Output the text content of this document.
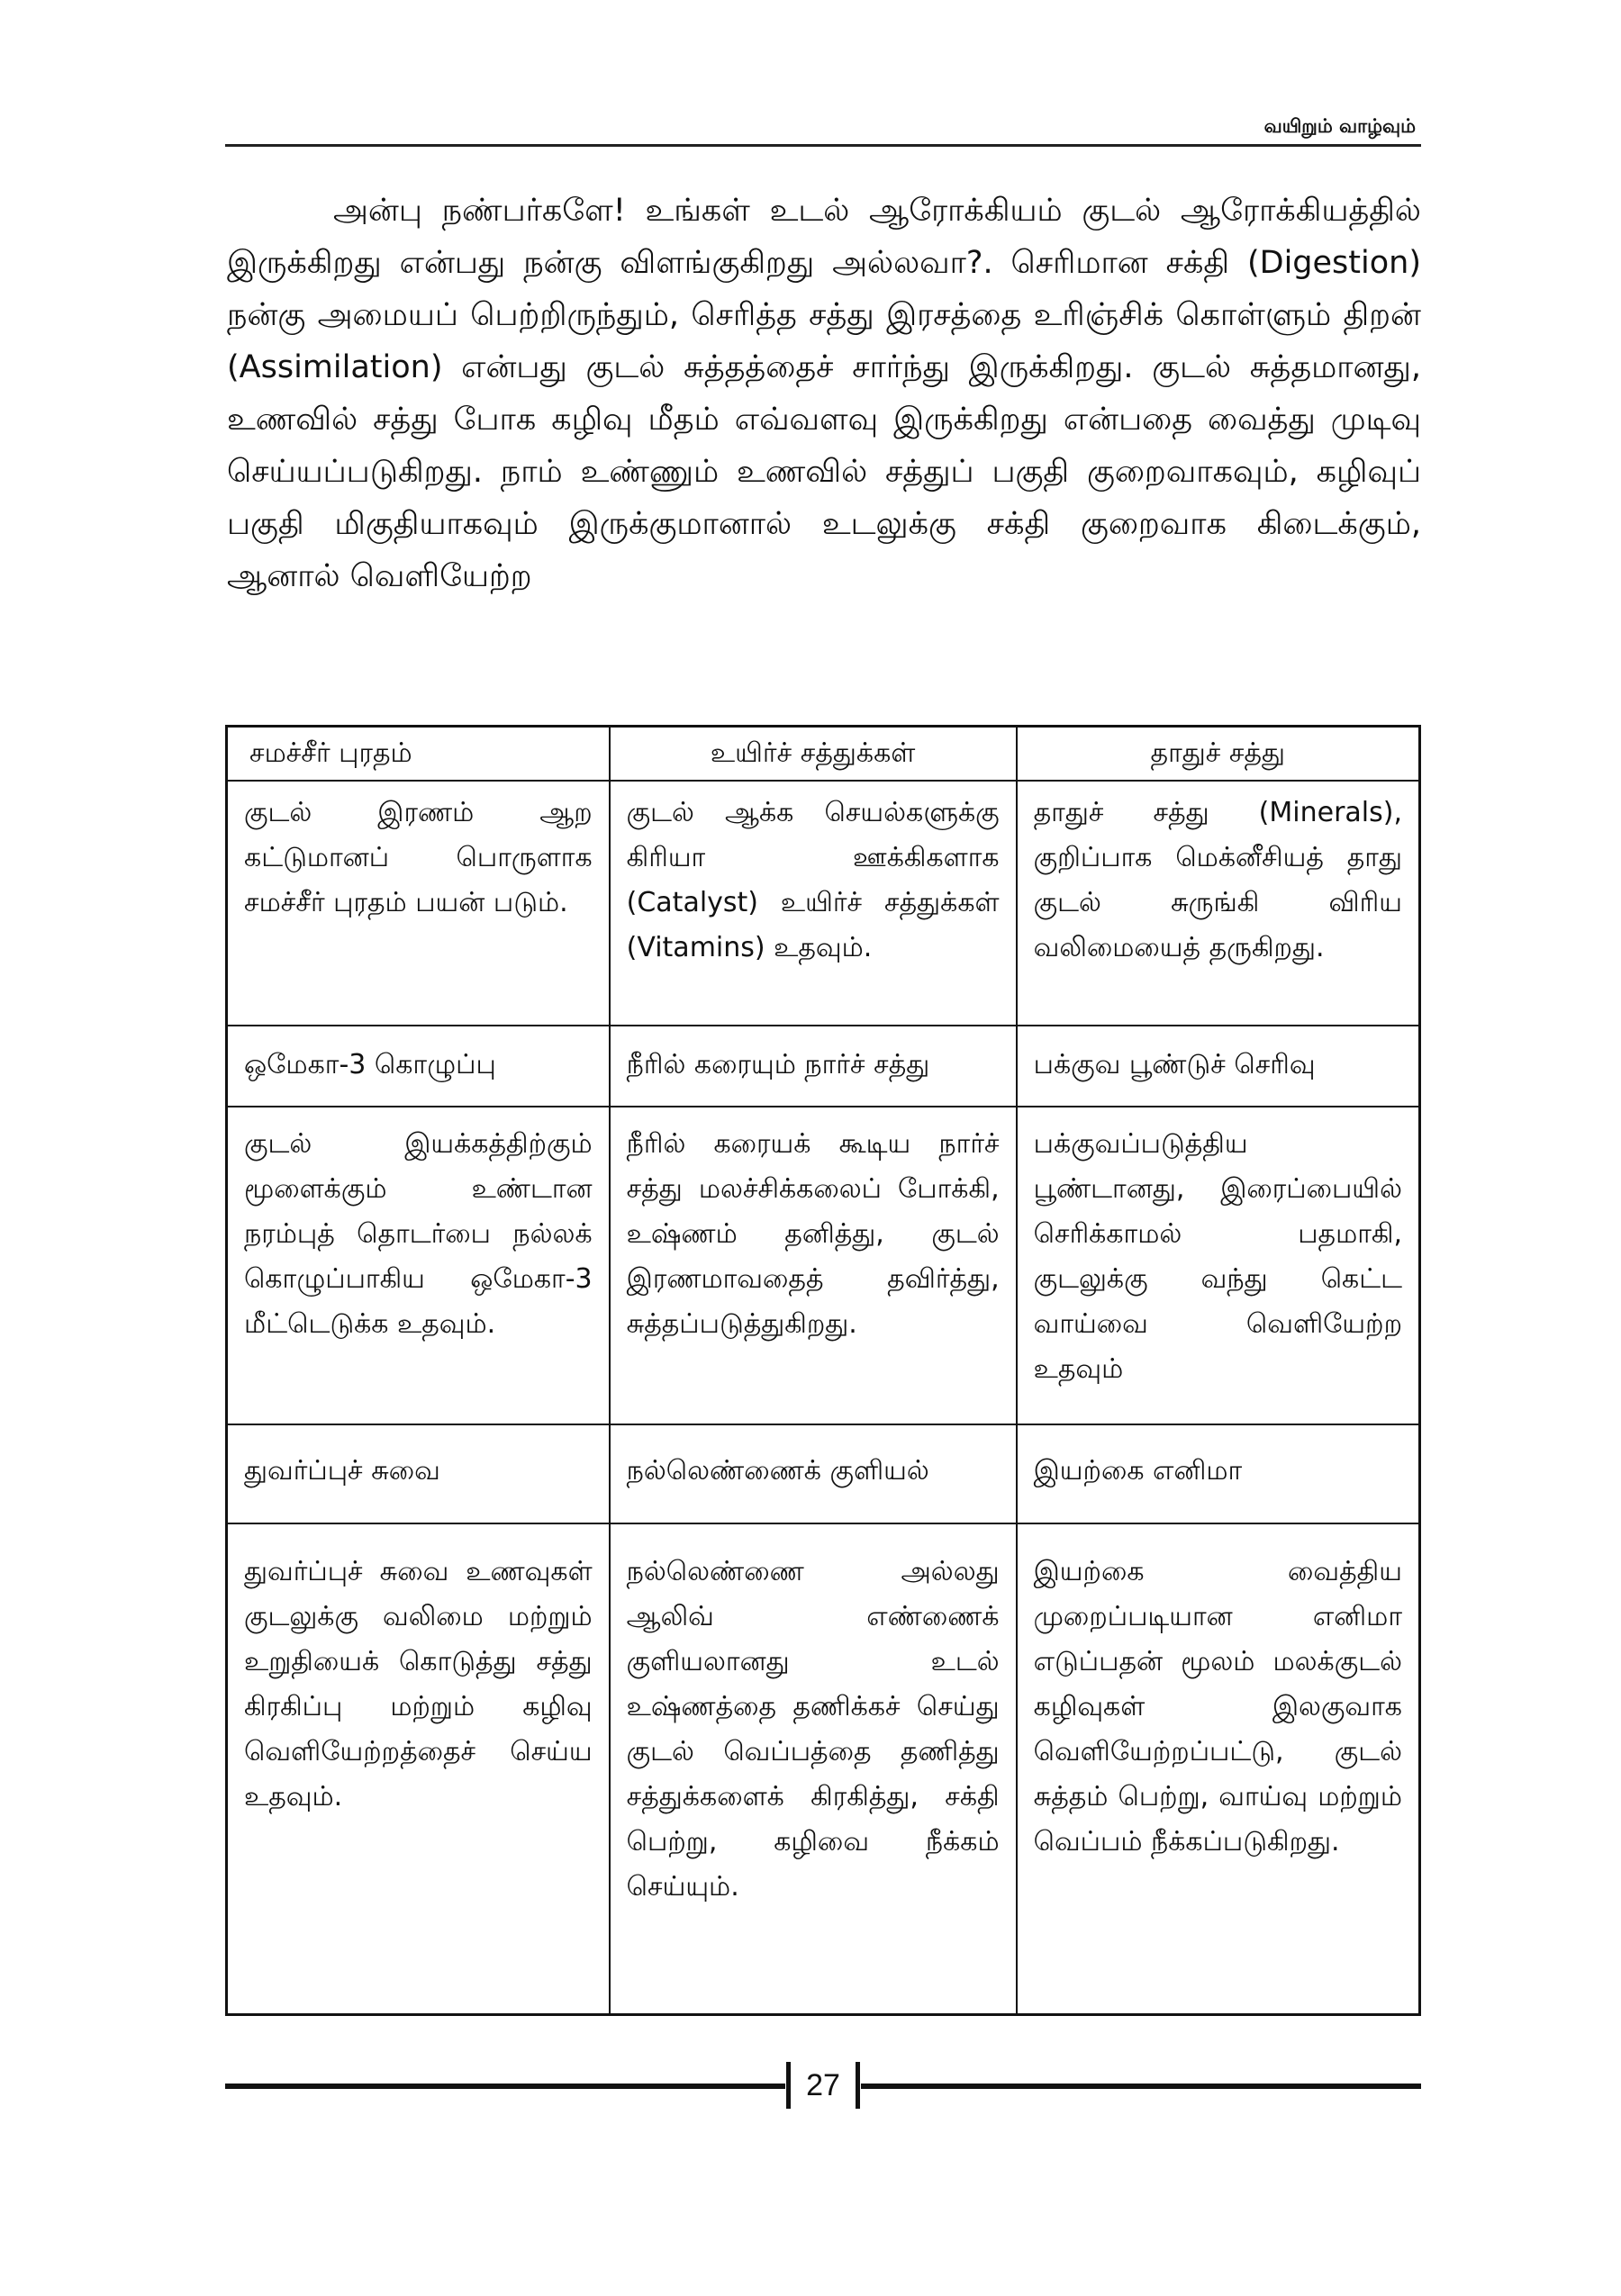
வயிறும் வாழ்வும்

அன்பு நண்பர்களே! உங்கள் உடல் ஆரோக்கியம் குடல் ஆரோக்கியத்தில் இருக்கிறது என்பது நன்கு விளங்குகிறது அல்லவா?. செரிமான சக்தி (Digestion) நன்கு அமையப் பெற்றிருந்தும், செரித்த சத்து இரசத்தை உரிஞ்சிக் கொள்ளும் திறன் (Assimilation) என்பது குடல் சுத்தத்தைச் சார்ந்து இருக்கிறது. குடல் சுத்தமானது, உணவில் சத்து போக கழிவு மீதம் எவ்வளவு இருக்கிறது என்பதை வைத்து முடிவு செய்யப்படுகிறது. நாம் உண்ணும் உணவில் சத்துப் பகுதி குறைவாகவும், கழிவுப் பகுதி மிகுதியாகவும் இருக்குமானால் உடலுக்கு சக்தி குறைவாக கிடைக்கும், ஆனால் வெளியேற்ற

சமச்சீர் புரதம்	உயிர்ச் சத்துக்கள்	தாதுச் சத்து
குடல் இரணம் ஆற கட்டுமானப் பொருளாக சமச்சீர் புரதம் பயன் படும்.	குடல் ஆக்க செயல்களுக்கு கிரியா ஊக்கிகளாக (Catalyst) உயிர்ச் சத்துக்கள் (Vitamins) உதவும்.	தாதுச் சத்து (Minerals), குறிப்பாக மெக்னீசியத் தாது குடல் சுருங்கி விரிய வலிமையைத் தருகிறது.
ஒமேகா-3 கொழுப்பு	நீரில் கரையும் நார்ச் சத்து	பக்குவ பூண்டுச் செரிவு
குடல் இயக்கத்திற்கும் மூளைக்கும் உண்டான நரம்புத் தொடர்பை நல்லக் கொழுப்பாகிய ஒமேகா-3 மீட்டெடுக்க உதவும்.	நீரில் கரையக் கூடிய நார்ச் சத்து மலச்சிக்கலைப் போக்கி, உஷ்ணம் தனித்து, குடல் இரணமாவதைத் தவிர்த்து, சுத்தப்படுத்துகிறது.	பக்குவப்படுத்திய பூண்டானது, இரைப்பையில் செரிக்காமல் பதமாகி, குடலுக்கு வந்து கெட்ட வாய்வை வெளியேற்ற உதவும்
துவர்ப்புச் சுவை	நல்லெண்ணைக் குளியல்	இயற்கை எனிமா
துவர்ப்புச் சுவை உணவுகள் குடலுக்கு வலிமை மற்றும் உறுதியைக் கொடுத்து சத்து கிரகிப்பு மற்றும் கழிவு வெளியேற்றத்தைச் செய்ய உதவும்.	நல்லெண்ணை அல்லது ஆலிவ் எண்ணைக் குளியலானது உடல் உஷ்ணத்தை தணிக்கச் செய்து குடல் வெப்பத்தை தணித்து சத்துக்களைக் கிரகித்து, சக்தி பெற்று, கழிவை நீக்கம் செய்யும்.	இயற்கை வைத்திய முறைப்படியான எனிமா எடுப்பதன் மூலம் மலக்குடல் கழிவுகள் இலகுவாக வெளியேற்றப்பட்டு, குடல் சுத்தம் பெற்று, வாய்வு மற்றும் வெப்பம் நீக்கப்படுகிறது.
27
